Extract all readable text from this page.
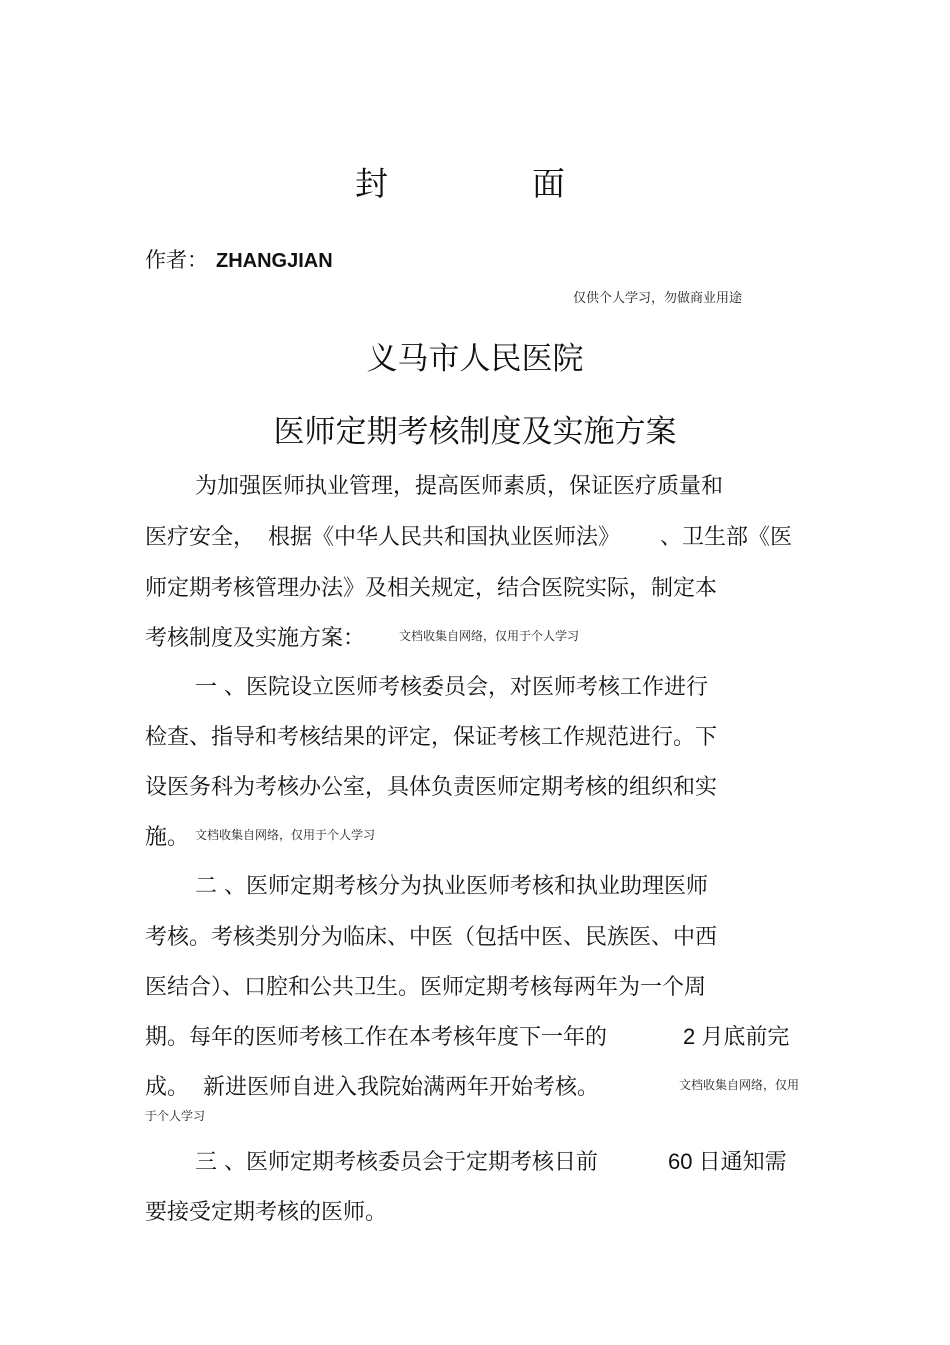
封	面
作者： ZHANGJIAN
仅供个人学习，勿做商业用途
义马市人民医院
医师定期考核制度及实施方案
为加强医师执业管理，提高医师素质，保证医疗质量和
医疗安全， 根据《中华人民共和国执业医师法》 、卫生部《医
师定期考核管理办法》及相关规定，结合医院实际，制定本
考核制度及实施方案：	文档收集自网络，仅用于个人学习
一 、医院设立医师考核委员会，对医师考核工作进行
检查、指导和考核结果的评定，保证考核工作规范进行。下
设医务科为考核办公室，具体负责医师定期考核的组织和实
施。 文档收集自网络，仅用于个人学习
二 、医师定期考核分为执业医师考核和执业助理医师
考核。考核类别分为临床、中医（包括中医、民族医、中西
医结合）、口腔和公共卫生。医师定期考核每两年为一个周
期。每年的医师考核工作在本考核年度下一年的	2 月底前完
成。 新进医师自进入我院始满两年开始考核。	文档收集自网络，仅用
于个人学习
三 、医师定期考核委员会于定期考核日前	60 日通知需
要接受定期考核的医师。
